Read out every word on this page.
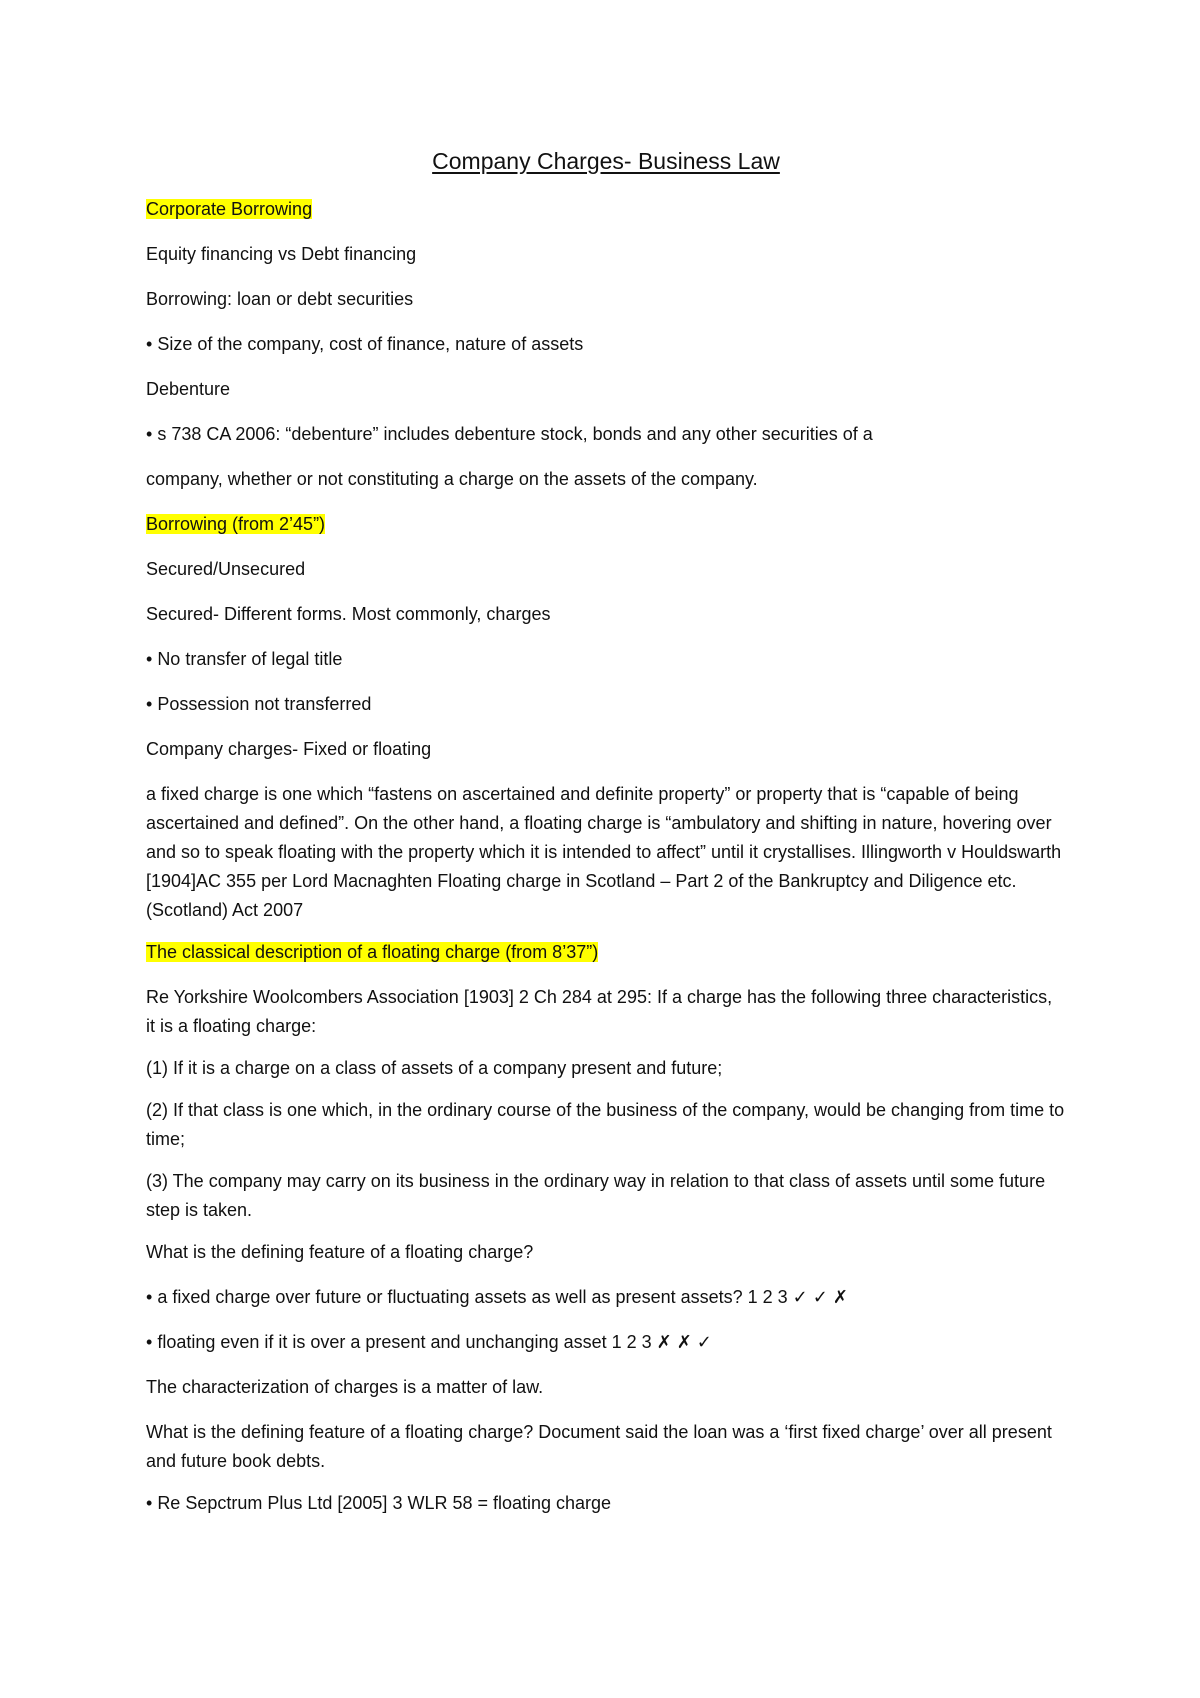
Company Charges- Business Law
Corporate Borrowing
Equity financing vs Debt financing
Borrowing: loan or debt securities
• Size of the company, cost of finance, nature of assets
Debenture
• s 738 CA 2006: “debenture” includes debenture stock, bonds and any other securities of a
company, whether or not constituting a charge on the assets of the company.
Borrowing (from 2’45”)
Secured/Unsecured
Secured- Different forms. Most commonly, charges
• No transfer of legal title
• Possession not transferred
Company charges- Fixed or floating
a fixed charge is one which “fastens on ascertained and definite property” or property that is “capable of being ascertained and defined”. On the other hand, a floating charge is “ambulatory and shifting in nature, hovering over and so to speak floating with the property which it is intended to affect” until it crystallises. Illingworth v Houldswarth [1904]AC 355 per Lord Macnaghten Floating charge in Scotland – Part 2 of the Bankruptcy and Diligence etc. (Scotland) Act 2007
The classical description of a floating charge (from 8’37”)
Re Yorkshire Woolcombers Association [1903] 2 Ch 284 at 295: If a charge has the following three characteristics, it is a floating charge:
(1) If it is a charge on a class of assets of a company present and future;
(2) If that class is one which, in the ordinary course of the business of the company, would be changing from time to time;
(3) The company may carry on its business in the ordinary way in relation to that class of assets until some future step is taken.
What is the defining feature of a floating charge?
• a fixed charge over future or fluctuating assets as well as present assets? 1 2 3 ✓ ✓ ✗
• floating even if it is over a present and unchanging asset 1 2 3 ✗ ✗ ✓
The characterization of charges is a matter of law.
What is the defining feature of a floating charge? Document said the loan was a ‘first fixed charge’ over all present and future book debts.
• Re Sepctrum Plus Ltd [2005] 3 WLR 58 = floating charge
